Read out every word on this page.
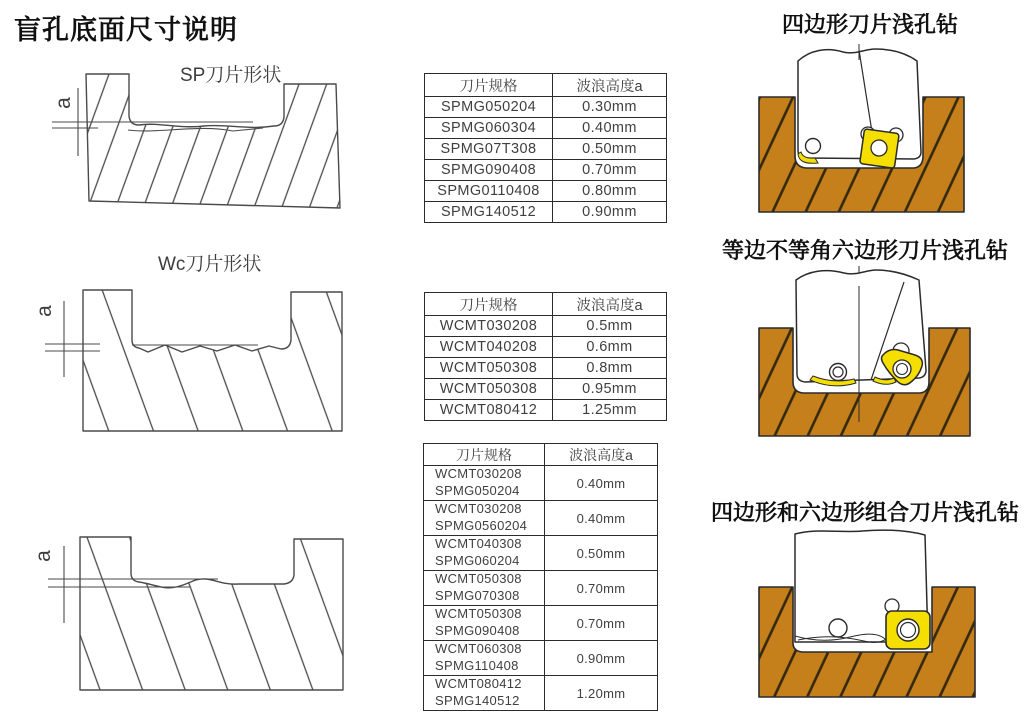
盲孔底面尺寸说明
a
SP刀片形状
a
Wc刀片形状
a
刀片规格	波浪高度a
SPMG050204	0.30mm
SPMG060304	0.40mm
SPMG07T308	0.50mm
SPMG090408	0.70mm
SPMG0110408	0.80mm
SPMG140512	0.90mm
刀片规格	波浪高度a
WCMT030208	0.5mm
WCMT040208	0.6mm
WCMT050308	0.8mm
WCMT050308	0.95mm
WCMT080412	1.25mm
刀片规格	波浪高度a
WCMT030208
SPMG050204	0.40mm
WCMT030208
SPMG0560204	0.40mm
WCMT040308
SPMG060204	0.50mm
WCMT050308
SPMG070308	0.70mm
WCMT050308
SPMG090408	0.70mm
WCMT060308
SPMG110408	0.90mm
WCMT080412
SPMG140512	1.20mm
四边形刀片浅孔钻
等边不等角六边形刀片浅孔钻
四边形和六边形组合刀片浅孔钻
